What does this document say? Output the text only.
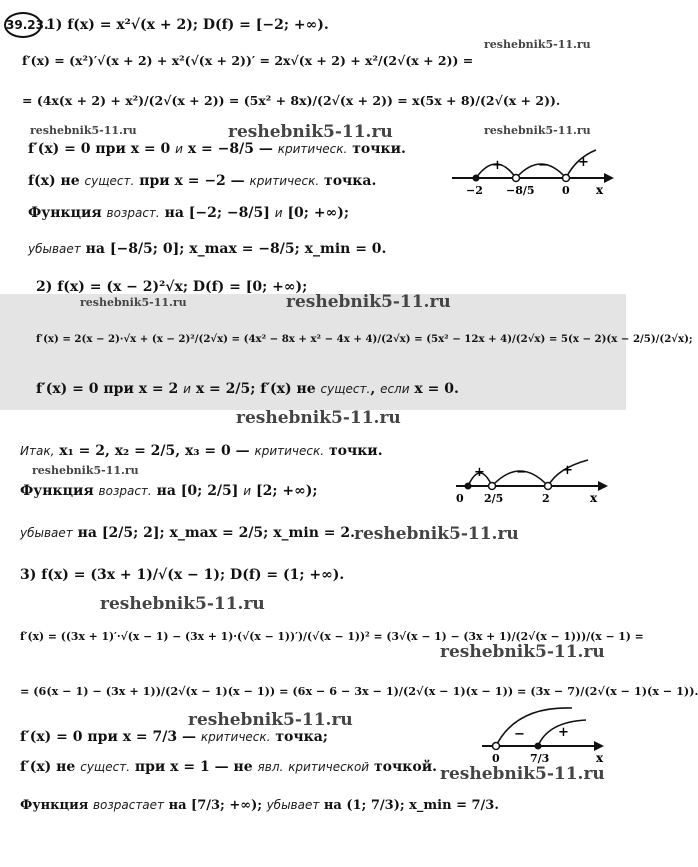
39.23.
reshebnik5-11.ru
reshebnik5-11.ru	reshebnik5-11.ru	reshebnik5-11.ru
reshebnik5-11.ru	reshebnik5-11.ru
reshebnik5-11.ru
reshebnik5-11.ru
reshebnik5-11.ru
reshebnik5-11.ru
reshebnik5-11.ru
reshebnik5-11.ru
reshebnik5-11.ru
1) f(x) = x²√(x + 2); D(f) = [−2; +∞).
f′(x) = (x²)′√(x + 2) + x²(√(x + 2))′ = 2x√(x + 2) + x²/(2√(x + 2)) =
= (4x(x + 2) + x²)/(2√(x + 2)) = (5x² + 8x)/(2√(x + 2)) = x(5x + 8)/(2√(x + 2)).
f′(x) = 0 при x = 0 и x = −8/5 — критичеcк. точки.
f(x) не сущест. при x = −2 — критическ. точка.
Функция возраст. на [−2; −8/5] и [0; +∞);
убывает на [−8/5; 0]; x_max = −8/5; x_min = 0.
+	− +
−2 −8/5 0 x
2) f(x) = (x − 2)²√x; D(f) = [0; +∞);
f′(x) = 2(x − 2)·√x + (x − 2)²/(2√x) = (4x² − 8x + x² − 4x + 4)/(2√x) = (5x² − 12x + 4)/(2√x) = 5(x − 2)(x − 2/5)/(2√x);
f′(x) = 0 при x = 2 и x = 2/5; f′(x) не сущест., если x = 0.
Итак, x₁ = 2, x₂ = 2/5, x₃ = 0 — критическ. точки.
Функция возраст. на [0; 2/5] и [2; +∞);
убывает на [2/5; 2]; x_max = 2/5; x_min = 2.
+ −	+
0 2/5	2	x
3) f(x) = (3x + 1)/√(x − 1); D(f) = (1; +∞).
f′(x) = ((3x + 1)′·√(x − 1) − (3x + 1)·(√(x − 1))′)/(√(x − 1))² = (3√(x − 1) − (3x + 1)/(2√(x − 1)))/(x − 1) =
= (6(x − 1) − (3x + 1))/(2√(x − 1)(x − 1)) = (6x − 6 − 3x − 1)/(2√(x − 1)(x − 1)) = (3x − 7)/(2√(x − 1)(x − 1)).
f′(x) = 0 при x = 7/3 — критическ. точка;
f′(x) не сущест. при x = 1 — не явл. критической точкой.
Функция возрастает на [7/3; +∞); убывает на (1; 7/3); x_min = 7/3.
−	+
0	7/3	x
